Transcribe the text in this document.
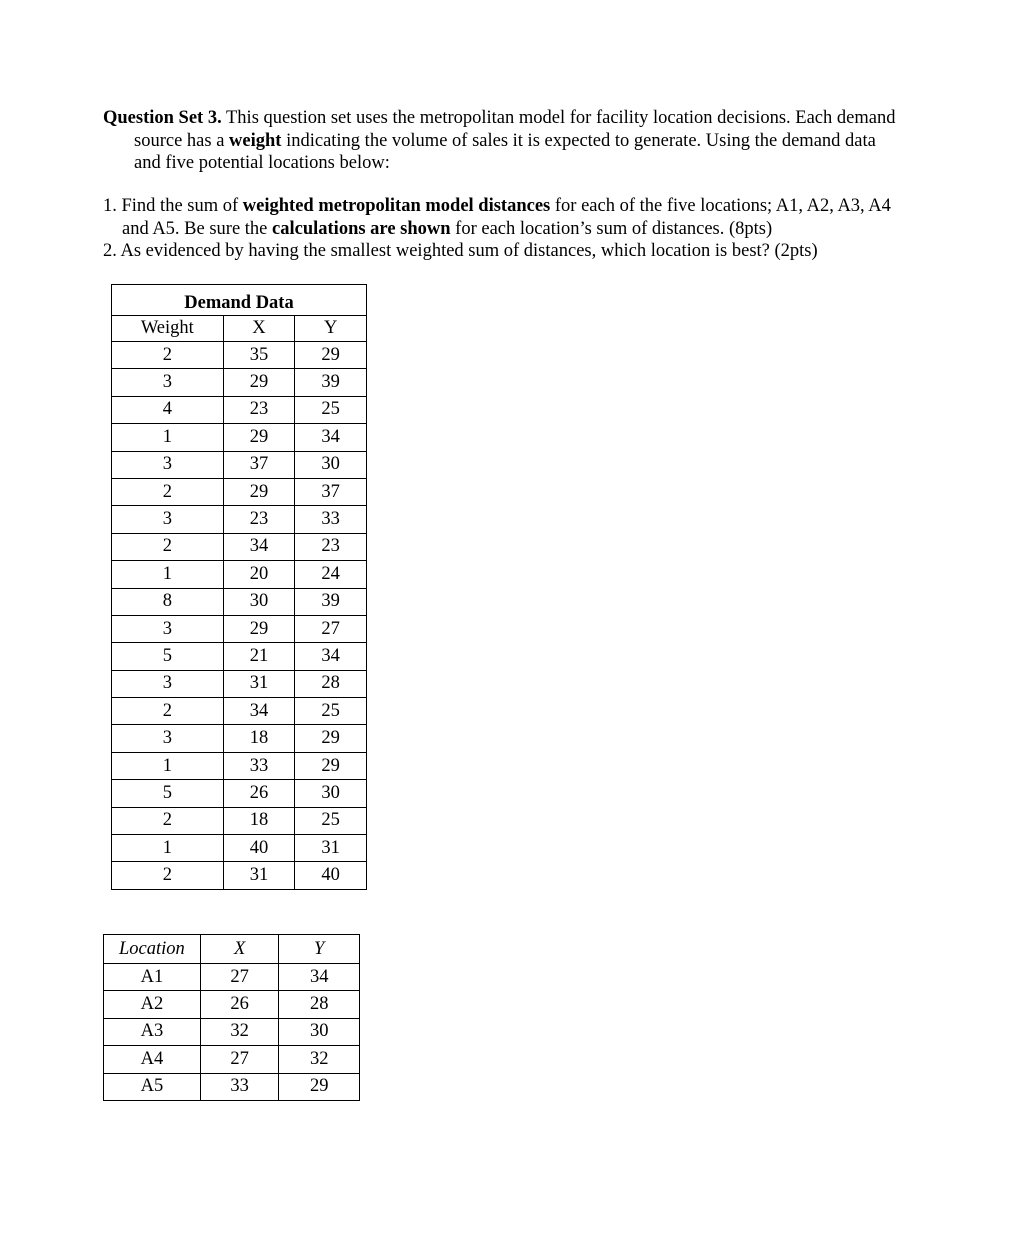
Question Set 3. This question set uses the metropolitan model for facility location decisions. Each demand
source has a weight indicating the volume of sales it is expected to generate. Using the demand data
and five potential locations below:

1. Find the sum of weighted metropolitan model distances for each of the five locations; A1, A2, A3, A4
and A5. Be sure the calculations are shown for each location’s sum of distances. (8pts)
2. As evidenced by having the smallest weighted sum of distances, which location is best? (2pts)

Demand Data		
Weight	X	Y
2	35	29
3	29	39
4	23	25
1	29	34
3	37	30
2	29	37
3	23	33
2	34	23
1	20	24
8	30	39
3	29	27
5	21	34
3	31	28
2	34	25
3	18	29
1	33	29
5	26	30
2	18	25
1	40	31
2	31	40
Location	X	Y
A1	27	34
A2	26	28
A3	32	30
A4	27	32
A5	33	29
